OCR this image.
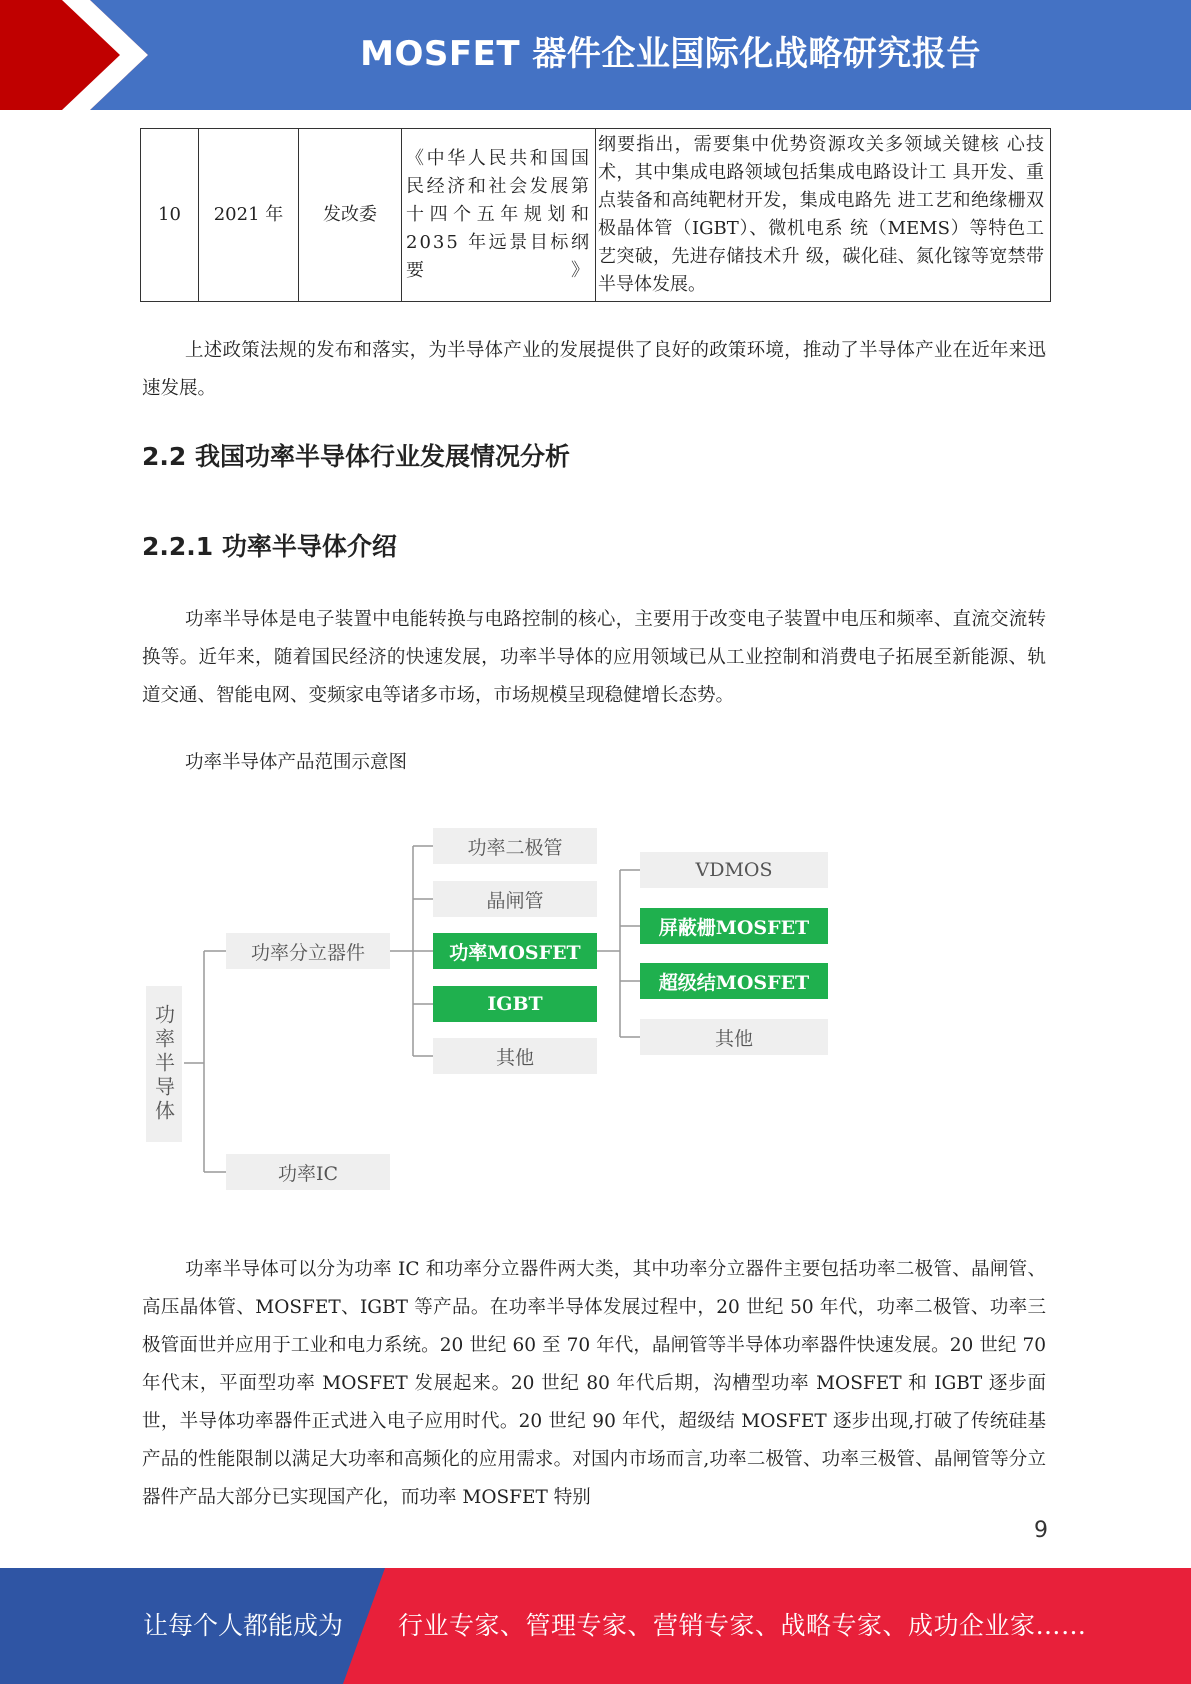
MOSFET 器件企业国际化战略研究报告
10	2021 年	发改委	《中华人民共和国国民经济和社会发展第十四个五年规划和 2035 年远景目标纲要》	纲要指出，需要集中优势资源攻关多领域关键核 心技术，其中集成电路领域包括集成电路设计工 具开发、重点装备和高纯靶材开发，集成电路先 进工艺和绝缘栅双极晶体管（IGBT）、微机电系 统（MEMS）等特色工艺突破，先进存储技术升 级，碳化硅、氮化镓等宽禁带半导体发展。

上述政策法规的发布和落实，为半导体产业的发展提供了良好的政策环境，推动了半导体产业在近年来迅速发展。

2.2 我国功率半导体行业发展情况分析
2.2.1 功率半导体介绍

功率半导体是电子装置中电能转换与电路控制的核心，主要用于改变电子装置中电压和频率、直流交流转换等。近年来，随着国民经济的快速发展，功率半导体的应用领域已从工业控制和消费电子拓展至新能源、轨道交通、智能电网、变频家电等诸多市场，市场规模呈现稳健增长态势。

功率半导体产品范围示意图

功率半导体
功率分立器件
功率IC
功率二极管
晶闸管
功率MOSFET
IGBT
其他
VDMOS
屏蔽栅MOSFET
超级结MOSFET
其他

功率半导体可以分为功率 IC 和功率分立器件两大类，其中功率分立器件主要包括功率二极管、晶闸管、高压晶体管、MOSFET、IGBT 等产品。在功率半导体发展过程中，20 世纪 50 年代，功率二极管、功率三极管面世并应用于工业和电力系统。20 世纪 60 至 70 年代，晶闸管等半导体功率器件快速发展。20 世纪 70 年代末，平面型功率 MOSFET 发展起来。20 世纪 80 年代后期，沟槽型功率 MOSFET 和 IGBT 逐步面世，半导体功率器件正式进入电子应用时代。20 世纪 90 年代，超级结 MOSFET 逐步出现,打破了传统硅基产品的性能限制以满足大功率和高频化的应用需求。对国内市场而言,功率二极管、功率三极管、晶闸管等分立器件产品大部分已实现国产化，而功率 MOSFET 特别

9
让每个人都能成为 行业专家、管理专家、营销专家、战略专家、成功企业家……
